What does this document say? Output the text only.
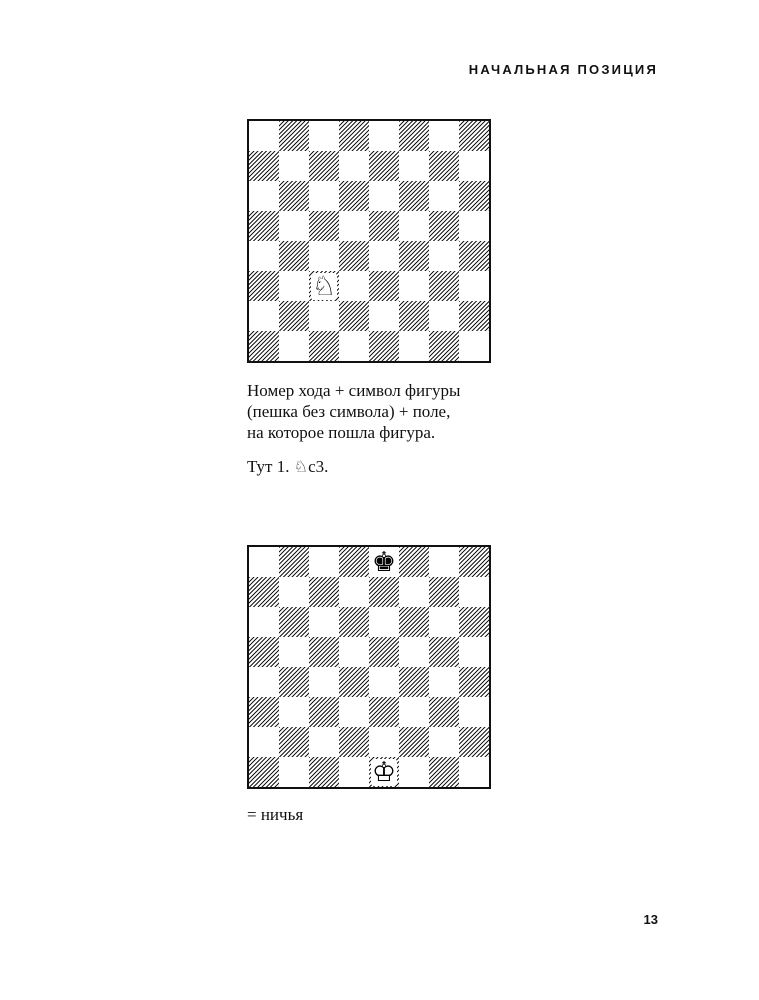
НАЧАЛЬНАЯ ПОЗИЦИЯ

♘

Номер хода + символ фигуры
(пешка без символа) + поле,
на которое пошла фигура.

Тут 1. ♘c3.

♚
♔

= ничья

13
